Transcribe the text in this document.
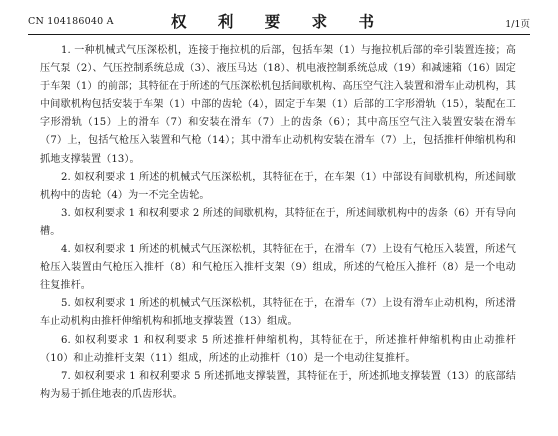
CN 104186040 A	权 利 要 求 书	1/1页

1. 一种机械式气压深松机，连接于拖拉机的后部，包括车架（1）与拖拉机后部的牵引装置连接；高压气泵（2）、气压控制系统总成（3）、液压马达（18）、机电液控制系统总成（19）和减速箱（16）固定于车架（1）的前部；其特征在于所述的气压深松机包括间歇机构、高压空气注入装置和滑车止动机构，其中间歇机构包括安装于车架（1）中部的齿轮（4），固定于车架（1）后部的工字形滑轨（15），装配在工字形滑轨（15）上的滑车（7）和安装在滑车（7）上的齿条（6）；其中高压空气注入装置安装在滑车（7）上，包括气枪压入装置和气枪（14）；其中滑车止动机构安装在滑车（7）上，包括推杆伸缩机构和抓地支撑装置（13）。

2. 如权利要求 1 所述的机械式气压深松机，其特征在于，在车架（1）中部设有间歇机构，所述间歇机构中的齿轮（4）为一不完全齿轮。

3. 如权利要求 1 和权利要求 2 所述的间歇机构，其特征在于，所述间歇机构中的齿条（6）开有导向槽。

4. 如权利要求 1 所述的机械式气压深松机，其特征在于，在滑车（7）上设有气枪压入装置，所述气枪压入装置由气枪压入推杆（8）和气枪压入推杆支架（9）组成，所述的气枪压入推杆（8）是一个电动往复推杆。

5. 如权利要求 1 所述的机械式气压深松机，其特征在于，在滑车（7）上设有滑车止动机构，所述滑车止动机构由推杆伸缩机构和抓地支撑装置（13）组成。

6. 如权利要求 1 和权利要求 5 所述推杆伸缩机构，其特征在于，所述推杆伸缩机构由止动推杆（10）和止动推杆支架（11）组成，所述的止动推杆（10）是一个电动往复推杆。

7. 如权利要求 1 和权利要求 5 所述抓地支撑装置，其特征在于，所述抓地支撑装置（13）的底部结构为易于抓住地表的爪齿形状。
